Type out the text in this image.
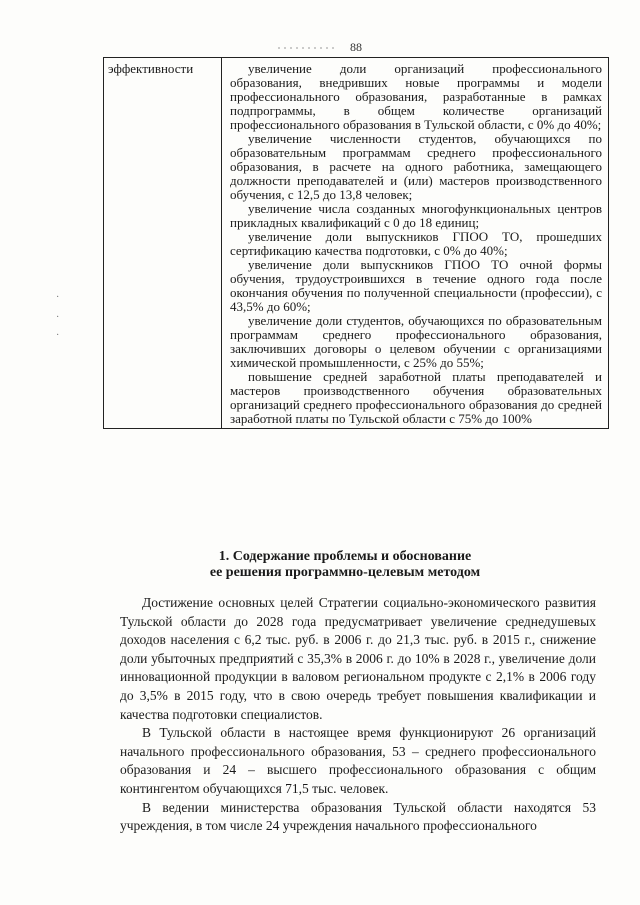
88
·
·
·
эффективности	увеличение доли организаций профессионального образования, внедривших новые программы и модели профессионального образования, разработанные в рамках подпрограммы, в общем количестве организаций профессионального образования в Тульской области, с 0% до 40%;

увеличение численности студентов, обучающихся по образовательным программам среднего профессионального образования, в расчете на одного работника, замещающего должности преподавателей и (или) мастеров производственного обучения, с 12,5 до 13,8 человек;

увеличение числа созданных многофункциональных центров прикладных квалификаций с 0 до 18 единиц;

увеличение доли выпускников ГПОО ТО, прошедших сертификацию качества подготовки, с 0% до 40%;

увеличение доли выпускников ГПОО ТО очной формы обучения, трудоустроившихся в течение одного года после окончания обучения по полученной специальности (профессии), с 43,5% до 60%;

увеличение доли студентов, обучающихся по образовательным программам среднего профессионального образования, заключивших договоры о целевом обучении с организациями химической промышленности, с 25% до 55%;

повышение средней заработной платы преподавателей и мастеров производственного обучения образовательных организаций среднего профессионального образования до средней заработной платы по Тульской области с 75% до 100%

1. Содержание проблемы и обоснование
ее решения программно-целевым методом

Достижение основных целей Стратегии социально-экономического развития Тульской области до 2028 года предусматривает увеличение среднедушевых доходов населения с 6,2 тыс. руб. в 2006 г. до 21,3 тыс. руб. в 2015 г., снижение доли убыточных предприятий с 35,3% в 2006 г. до 10% в 2028 г., увеличение доли инновационной продукции в валовом региональном продукте с 2,1% в 2006 году до 3,5% в 2015 году, что в свою очередь требует повышения квалификации и качества подготовки специалистов.

В Тульской области в настоящее время функционируют 26 организаций начального профессионального образования, 53 – среднего профессионального образования и 24 – высшего профессионального образования с общим контингентом обучающихся 71,5 тыс. человек.

В ведении министерства образования Тульской области находятся 53 учреждения, в том числе 24 учреждения начального профессионального
